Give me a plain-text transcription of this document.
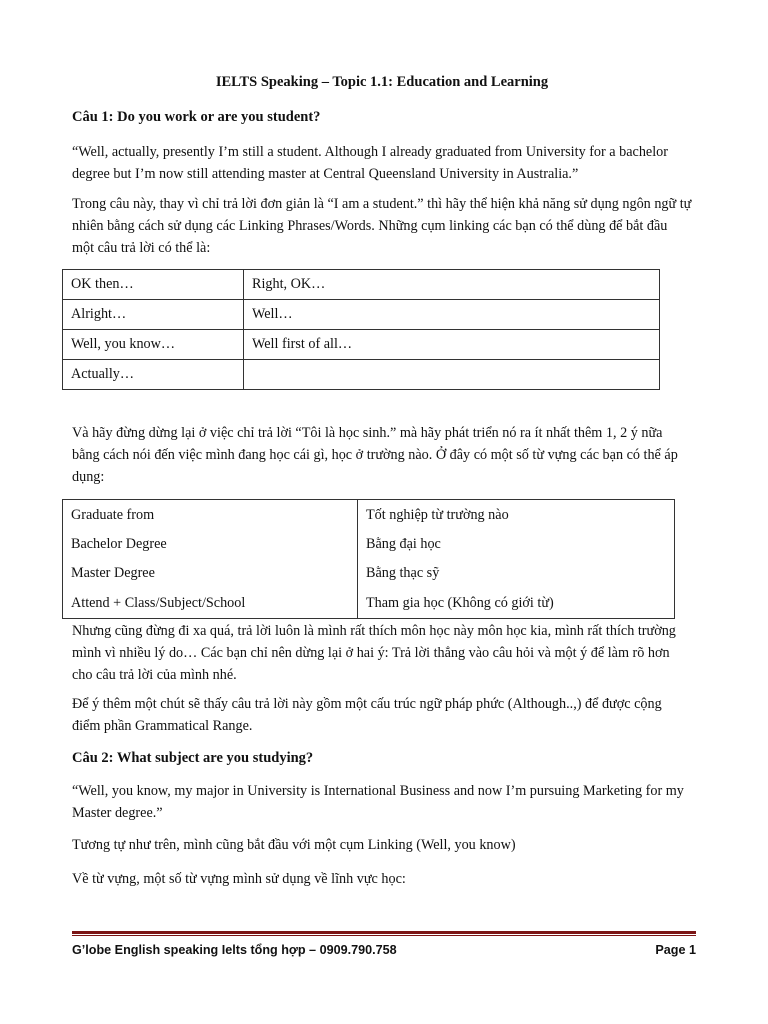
IELTS Speaking – Topic 1.1: Education and Learning
Câu 1: Do you work or are you student?
“Well, actually, presently I’m still a student. Although I already graduated from University for a bachelor degree but I’m now still attending master at Central Queensland University in Australia.”
Trong câu này, thay vì chỉ trả lời đơn giản là “I am a student.” thì hãy thể hiện khả năng sử dụng ngôn ngữ tự nhiên bằng cách sử dụng các Linking Phrases/Words. Những cụm linking các bạn có thể dùng để bắt đầu một câu trả lời có thể là:
OK then…	Right, OK…
Alright…	Well…
Well, you know…	Well first of all…
Actually…	
Và hãy đừng dừng lại ở việc chỉ trả lời “Tôi là học sinh.” mà hãy phát triển nó ra ít nhất thêm 1, 2 ý nữa bằng cách nói đến việc mình đang học cái gì, học ở trường nào. Ở đây có một số từ vựng các bạn có thể áp dụng:
Graduate from	Tốt nghiệp từ trường nào
Bachelor Degree	Bằng đại học
Master Degree	Bằng thạc sỹ
Attend + Class/Subject/School	Tham gia học (Không có giới từ)
Nhưng cũng đừng đi xa quá, trả lời luôn là mình rất thích môn học này môn học kia, mình rất thích trường mình vì nhiều lý do… Các bạn chỉ nên dừng lại ở hai ý: Trả lời thẳng vào câu hỏi và một ý để làm rõ hơn cho câu trả lời của mình nhé.
Để ý thêm một chút sẽ thấy câu trả lời này gồm một cấu trúc ngữ pháp phức (Although..,) để được cộng điểm phần Grammatical Range.
Câu 2: What subject are you studying?
“Well, you know, my major in University is International Business and now I’m pursuing Marketing for my Master degree.”
Tương tự như trên, mình cũng bắt đầu với một cụm Linking (Well, you know)
Về từ vựng, một số từ vựng mình sử dụng về lĩnh vực học:
G’lobe English speaking Ielts tổng hợp – 0909.790.758	Page 1
